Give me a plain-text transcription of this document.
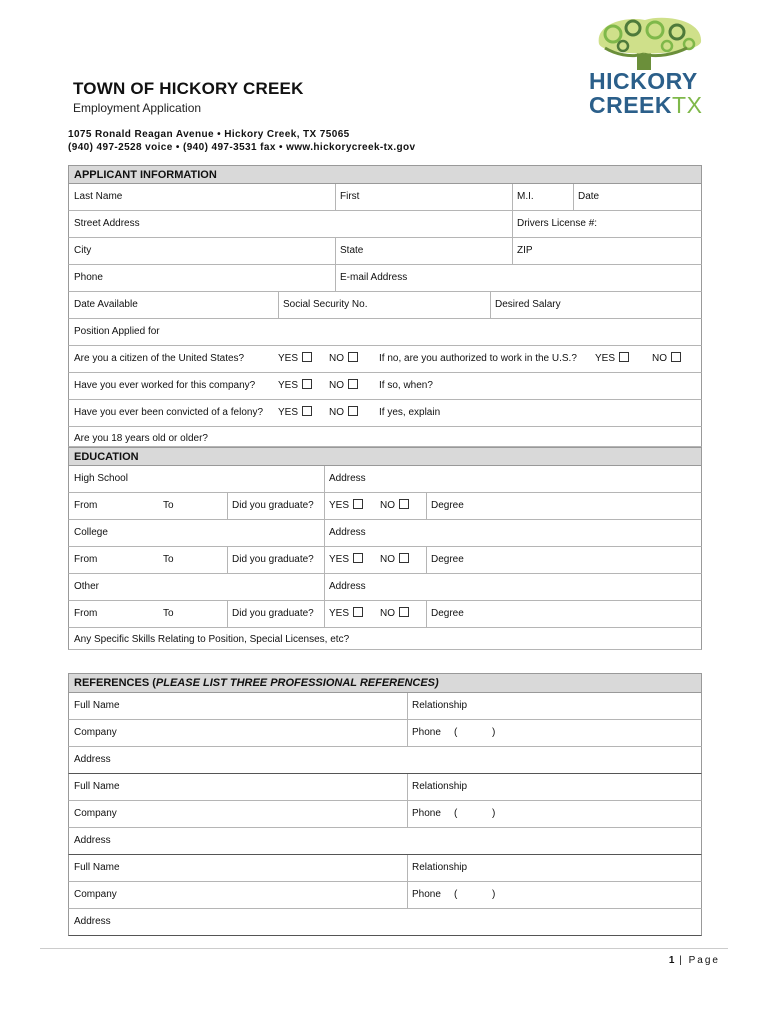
TOWN OF HICKORY CREEK
Employment Application
1075 Ronald Reagan Avenue • Hickory Creek, TX 75065
(940) 497-2528 voice • (940) 497-3531 fax • www.hickorycreek-tx.gov
HICKORY
CREEKTX
APPLICANT INFORMATION
Last Name	First	M.I.	Date
Street Address	Drivers License #:
City	State	ZIP
Phone	E-mail Address
Date Available	Social Security No.	Desired Salary
Position Applied for
Are you a citizen of the United States?	YES	NO	If no, are you authorized to work in the U.S.?	YES	NO
Have you ever worked for this company?	YES	NO	If so, when?
Have you ever been convicted of a felony?	YES	NO	If yes, explain
Are you 18 years old or older?
EDUCATION
High School	Address
From	To	Did you graduate?	YES	NO	Degree
College	Address
From	To	Did you graduate?	YES	NO	Degree
Other	Address
From	To	Did you graduate?	YES	NO	Degree
Any Specific Skills Relating to Position, Special Licenses, etc?
REFERENCES (PLEASE LIST THREE PROFESSIONAL REFERENCES)
Full Name	Relationship
Company	Phone	(	)
Address
Full Name	Relationship
Company	Phone	(	)
Address
Full Name	Relationship
Company	Phone	(	)
Address
1 | Page
